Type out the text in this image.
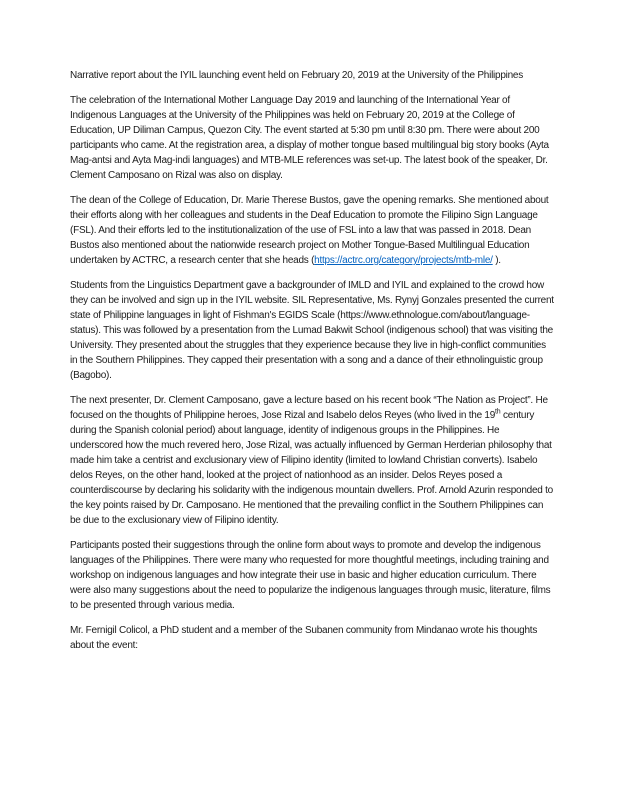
Narrative report about the IYIL launching event held on February 20, 2019 at the University of the Philippines

The celebration of the International Mother Language Day 2019 and launching of the International Year of Indigenous Languages at the University of the Philippines was held on February 20, 2019 at the College of Education, UP Diliman Campus, Quezon City. The event started at 5:30 pm until 8:30 pm. There were about 200 participants who came. At the registration area, a display of mother tongue based multilingual big story books (Ayta Mag-antsi and Ayta Mag-indi languages) and MTB-MLE references was set-up. The latest book of the speaker, Dr. Clement Camposano on Rizal was also on display.

The dean of the College of Education, Dr. Marie Therese Bustos, gave the opening remarks. She mentioned about their efforts along with her colleagues and students in the Deaf Education to promote the Filipino Sign Language (FSL). And their efforts led to the institutionalization of the use of FSL into a law that was passed in 2018. Dean Bustos also mentioned about the nationwide research project on Mother Tongue-Based Multilingual Education undertaken by ACTRC, a research center that she heads (https://actrc.org/category/projects/mtb-mle/ ).

Students from the Linguistics Department gave a backgrounder of IMLD and IYIL and explained to the crowd how they can be involved and sign up in the IYIL website. SIL Representative, Ms. Rynyj Gonzales presented the current state of Philippine languages in light of Fishman's EGIDS Scale (https://www.ethnologue.com/about/language-status). This was followed by a presentation from the Lumad Bakwit School (indigenous school) that was visiting the University. They presented about the struggles that they experience because they live in high-conflict communities in the Southern Philippines. They capped their presentation with a song and a dance of their ethnolinguistic group (Bagobo).

The next presenter, Dr. Clement Camposano, gave a lecture based on his recent book “The Nation as Project”. He focused on the thoughts of Philippine heroes, Jose Rizal and Isabelo delos Reyes (who lived in the 19th century during the Spanish colonial period) about language, identity of indigenous groups in the Philippines. He underscored how the much revered hero, Jose Rizal, was actually influenced by German Herderian philosophy that made him take a centrist and exclusionary view of Filipino identity (limited to lowland Christian converts). Isabelo delos Reyes, on the other hand, looked at the project of nationhood as an insider. Delos Reyes posed a counterdiscourse by declaring his solidarity with the indigenous mountain dwellers. Prof. Arnold Azurin responded to the key points raised by Dr. Camposano. He mentioned that the prevailing conflict in the Southern Philippines can be due to the exclusionary view of Filipino identity.

Participants posted their suggestions through the online form about ways to promote and develop the indigenous languages of the Philippines. There were many who requested for more thoughtful meetings, including training and workshop on indigenous languages and how integrate their use in basic and higher education curriculum. There were also many suggestions about the need to popularize the indigenous languages through music, literature, films to be presented through various media.

Mr. Fernigil Colicol, a PhD student and a member of the Subanen community from Mindanao wrote his thoughts about the event:
